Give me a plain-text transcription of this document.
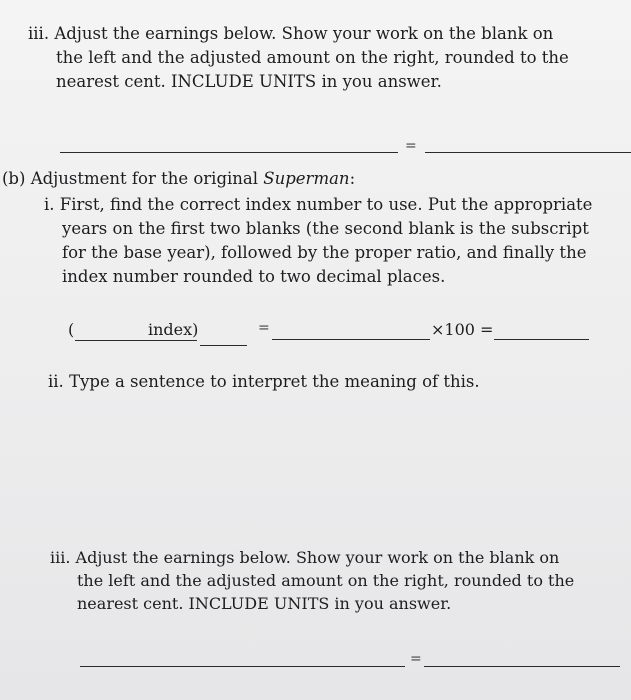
iii. Adjust the earnings below. Show your work on the blank on
the left and the adjusted amount on the right, rounded to the
nearest cent. INCLUDE UNITS in you answer.
=
(b) Adjustment for the original Superman:
i. First, find the correct index number to use. Put the appropriate
years on the first two blanks (the second blank is the subscript
for the base year), followed by the proper ratio, and finally the
index number rounded to two decimal places.
(	index)	=	×100 =
ii. Type a sentence to interpret the meaning of this.
iii. Adjust the earnings below. Show your work on the blank on
the left and the adjusted amount on the right, rounded to the
nearest cent. INCLUDE UNITS in you answer.
=
